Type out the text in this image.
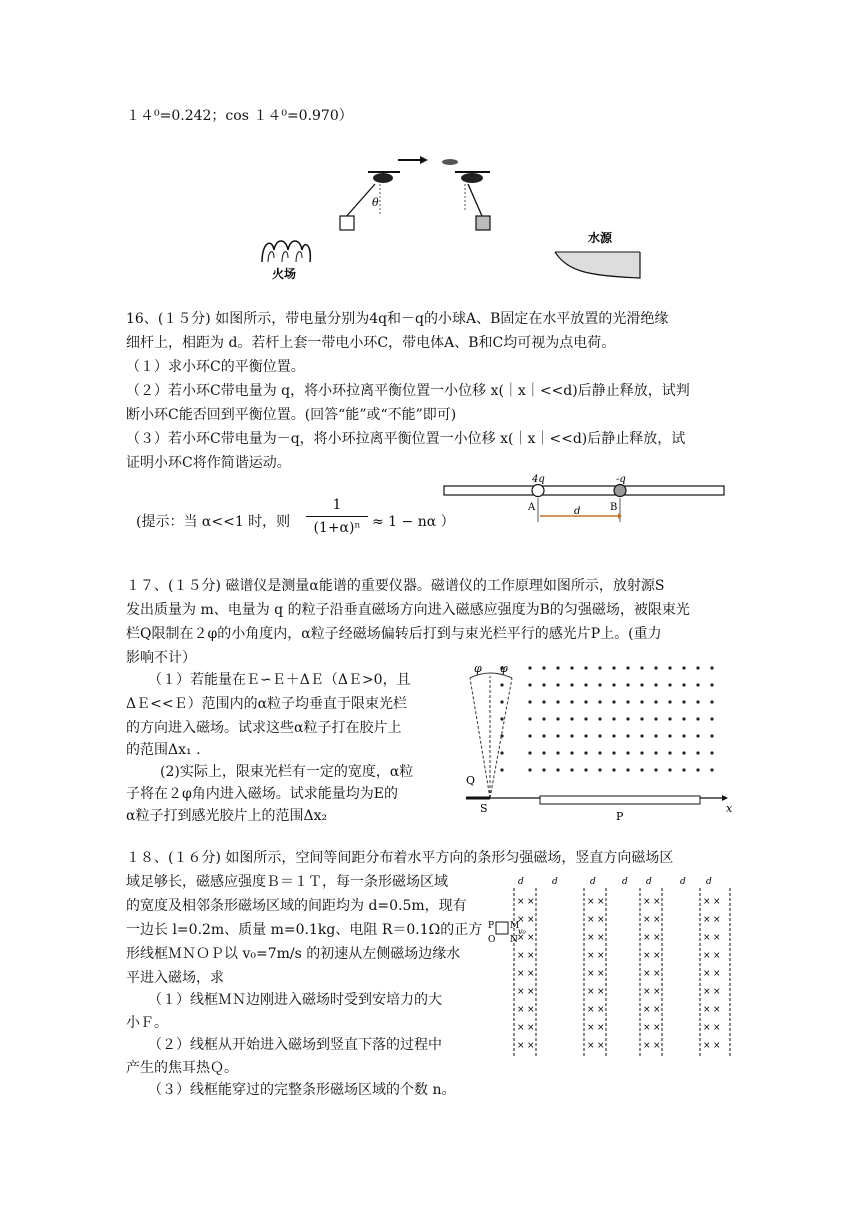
１４⁰=0.242；cos １４⁰=0.970）
θ
火场
水源
16、(１５分) 如图所示，带电量分别为4q和－q的小球A、B固定在水平放置的光滑绝缘
细杆上，相距为 d。若杆上套一带电小环C，带电体A、B和C均可视为点电荷。
（１）求小环C的平衡位置。
（２）若小环C带电量为 q，将小环拉离平衡位置一小位移 x(｜x｜<<d)后静止释放，试判
断小环C能否回到平衡位置。(回答“能”或“不能”即可)
（３）若小环C带电量为－q，将小环拉离平衡位置一小位移 x(｜x｜<<d)后静止释放，试
证明小环C将作简谐运动。
(提示：当 α<<1 时，则
1
(1+α)ⁿ ≈ 1 − nα ）
4q	-q
A	B
d
１７、(１５分) 磁谱仪是测量α能谱的重要仪器。磁谱仪的工作原理如图所示，放射源S
发出质量为 m、电量为 q 的粒子沿垂直磁场方向进入磁感应强度为B的匀强磁场，被限束光
栏Q限制在２φ的小角度内，α粒子经磁场偏转后打到与束光栏平行的感光片P上。(重力
影响不计）
（１）若能量在Ｅ∽Ｅ＋ΔＥ（ΔＥ>0，且
ΔＥ<<Ｅ）范围内的α粒子均垂直于限束光栏
的方向进入磁场。试求这些α粒子打在胶片上
的范围Δx₁ .
(2)实际上，限束光栏有一定的宽度，α粒
子将在２φ角内进入磁场。试求能量均为E的
α粒子打到感光胶片上的范围Δx₂
φ φ
Q
S
P
x
１８、(１６分) 如图所示，空间等间距分布着水平方向的条形匀强磁场，竖直方向磁场区
域足够长，磁感应强度Ｂ＝１Ｔ，每一条形磁场区域
的宽度及相邻条形磁场区域的间距均为 d=0.5m，现有
一边长 l=0.2m、质量 m=0.1kg、电阻 R＝0.1Ω的正方
形线框ＭＮＯＰ以 v₀=7m/s 的初速从左侧磁场边缘水
平进入磁场，求
（１）线框ＭＮ边刚进入磁场时受到安培力的大
小Ｆ。
（２）线框从开始进入磁场到竖直下落的过程中
产生的焦耳热Ｑ。
（３）线框能穿过的完整条形磁场区域的个数 n。
× ×
× ×
× ×
× ×
× ×
× ×
× ×
× ×
× ×
× ×
× ×
× ×
× ×
× ×
× ×
× ×
× ×
× ×
× ×
× ×
× ×
× ×
× ×
× ×
× ×
× ×
× ×
× ×
× ×
× ×
× ×
× ×
× ×
× ×
× ×
× ×
d	d	d	d d	d d
P M
O N
v₀
